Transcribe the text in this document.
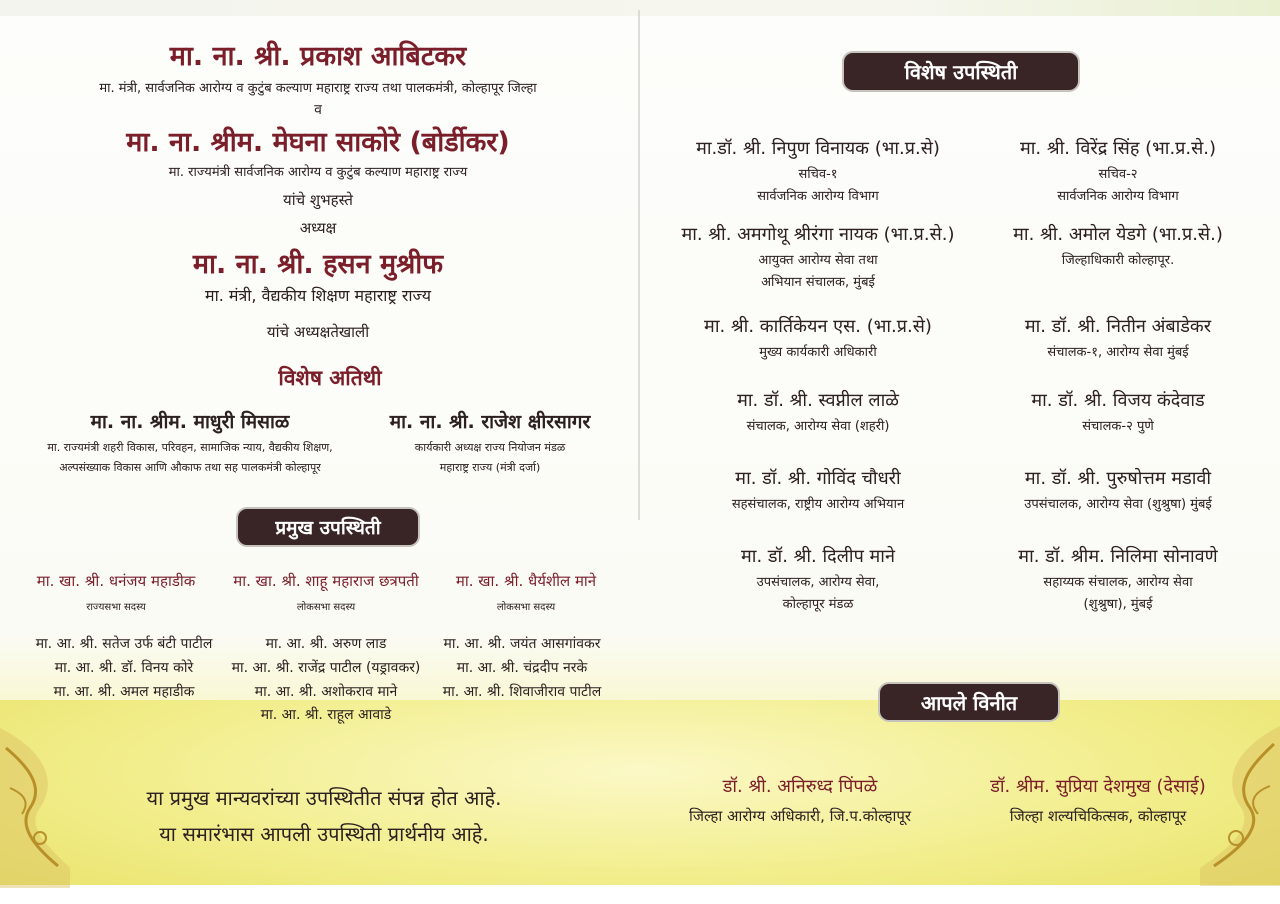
मा. ना. श्री. प्रकाश आबिटकर
मा. मंत्री, सार्वजनिक आरोग्य व कुटुंब कल्याण महाराष्ट्र राज्य तथा पालकमंत्री, कोल्हापूर जिल्हा
व
मा. ना. श्रीम. मेघना साकोरे (बोर्डीकर)
मा. राज्यमंत्री सार्वजनिक आरोग्य व कुटुंब कल्याण महाराष्ट्र राज्य
यांचे शुभहस्ते
अध्यक्ष
मा. ना. श्री. हसन मुश्रीफ
मा. मंत्री, वैद्यकीय शिक्षण महाराष्ट्र राज्य
यांचे अध्यक्षतेखाली
विशेष अतिथी
मा. ना. श्रीम. माधुरी मिसाळ
मा. राज्यमंत्री शहरी विकास, परिवहन, सामाजिक न्याय, वैद्यकीय शिक्षण,
अल्पसंख्याक विकास आणि औकाफ तथा सह पालकमंत्री कोल्हापूर
मा. ना. श्री. राजेश क्षीरसागर
कार्यकारी अध्यक्ष राज्य नियोजन मंडळ
महाराष्ट्र राज्य (मंत्री दर्जा)
प्रमुख उपस्थिती
मा. खा. श्री. धनंजय महाडीक
राज्यसभा सदस्य
मा. खा. श्री. शाहू महाराज छत्रपती
लोकसभा सदस्य
मा. खा. श्री. धैर्यशील माने
लोकसभा सदस्य
मा. आ. श्री. सतेज उर्फ बंटी पाटील
मा. आ. श्री. डॉ. विनय कोरे
मा. आ. श्री. अमल महाडीक
मा. आ. श्री. अरुण लाड
मा. आ. श्री. राजेंद्र पाटील (यड्रावकर)
मा. आ. श्री. अशोकराव माने
मा. आ. श्री. राहूल आवाडे
मा. आ. श्री. जयंत आसगांवकर
मा. आ. श्री. चंद्रदीप नरके
मा. आ. श्री. शिवाजीराव पाटील
या प्रमुख मान्यवरांच्या उपस्थितीत संपन्न होत आहे.
या समारंभास आपली उपस्थिती प्रार्थनीय आहे.
विशेष उपस्थिती
मा.डॉ. श्री. निपुण विनायक (भा.प्र.से)
सचिव-१
सार्वजनिक आरोग्य विभाग
मा. श्री. विरेंद्र सिंह (भा.प्र.से.)
सचिव-२
सार्वजनिक आरोग्य विभाग
मा. श्री. अमगोथू श्रीरंगा नायक (भा.प्र.से.)
आयुक्त आरोग्य सेवा तथा
अभियान संचालक, मुंबई
मा. श्री. अमोल येडगे (भा.प्र.से.)
जिल्हाधिकारी कोल्हापूर.
मा. श्री. कार्तिकेयन एस. (भा.प्र.से)
मुख्य कार्यकारी अधिकारी
मा. डॉ. श्री. नितीन अंबाडेकर
संचालक-१, आरोग्य सेवा मुंबई
मा. डॉ. श्री. स्वप्नील लाळे
संचालक, आरोग्य सेवा (शहरी)
मा. डॉ. श्री. विजय कंदेवाड
संचालक-२ पुणे
मा. डॉ. श्री. गोविंद चौधरी
सहसंचालक, राष्ट्रीय आरोग्य अभियान
मा. डॉ. श्री. पुरुषोत्तम मडावी
उपसंचालक, आरोग्य सेवा (शुश्रुषा) मुंबई
मा. डॉ. श्री. दिलीप माने
उपसंचालक, आरोग्य सेवा,
कोल्हापूर मंडळ
मा. डॉ. श्रीम. निलिमा सोनावणे
सहाय्यक संचालक, आरोग्य सेवा
(शुश्रुषा), मुंबई
आपले विनीत
डॉ. श्री. अनिरुध्द पिंपळे
जिल्हा आरोग्य अधिकारी, जि.प.कोल्हापूर
डॉ. श्रीम. सुप्रिया देशमुख (देसाई)
जिल्हा शल्यचिकित्सक, कोल्हापूर
